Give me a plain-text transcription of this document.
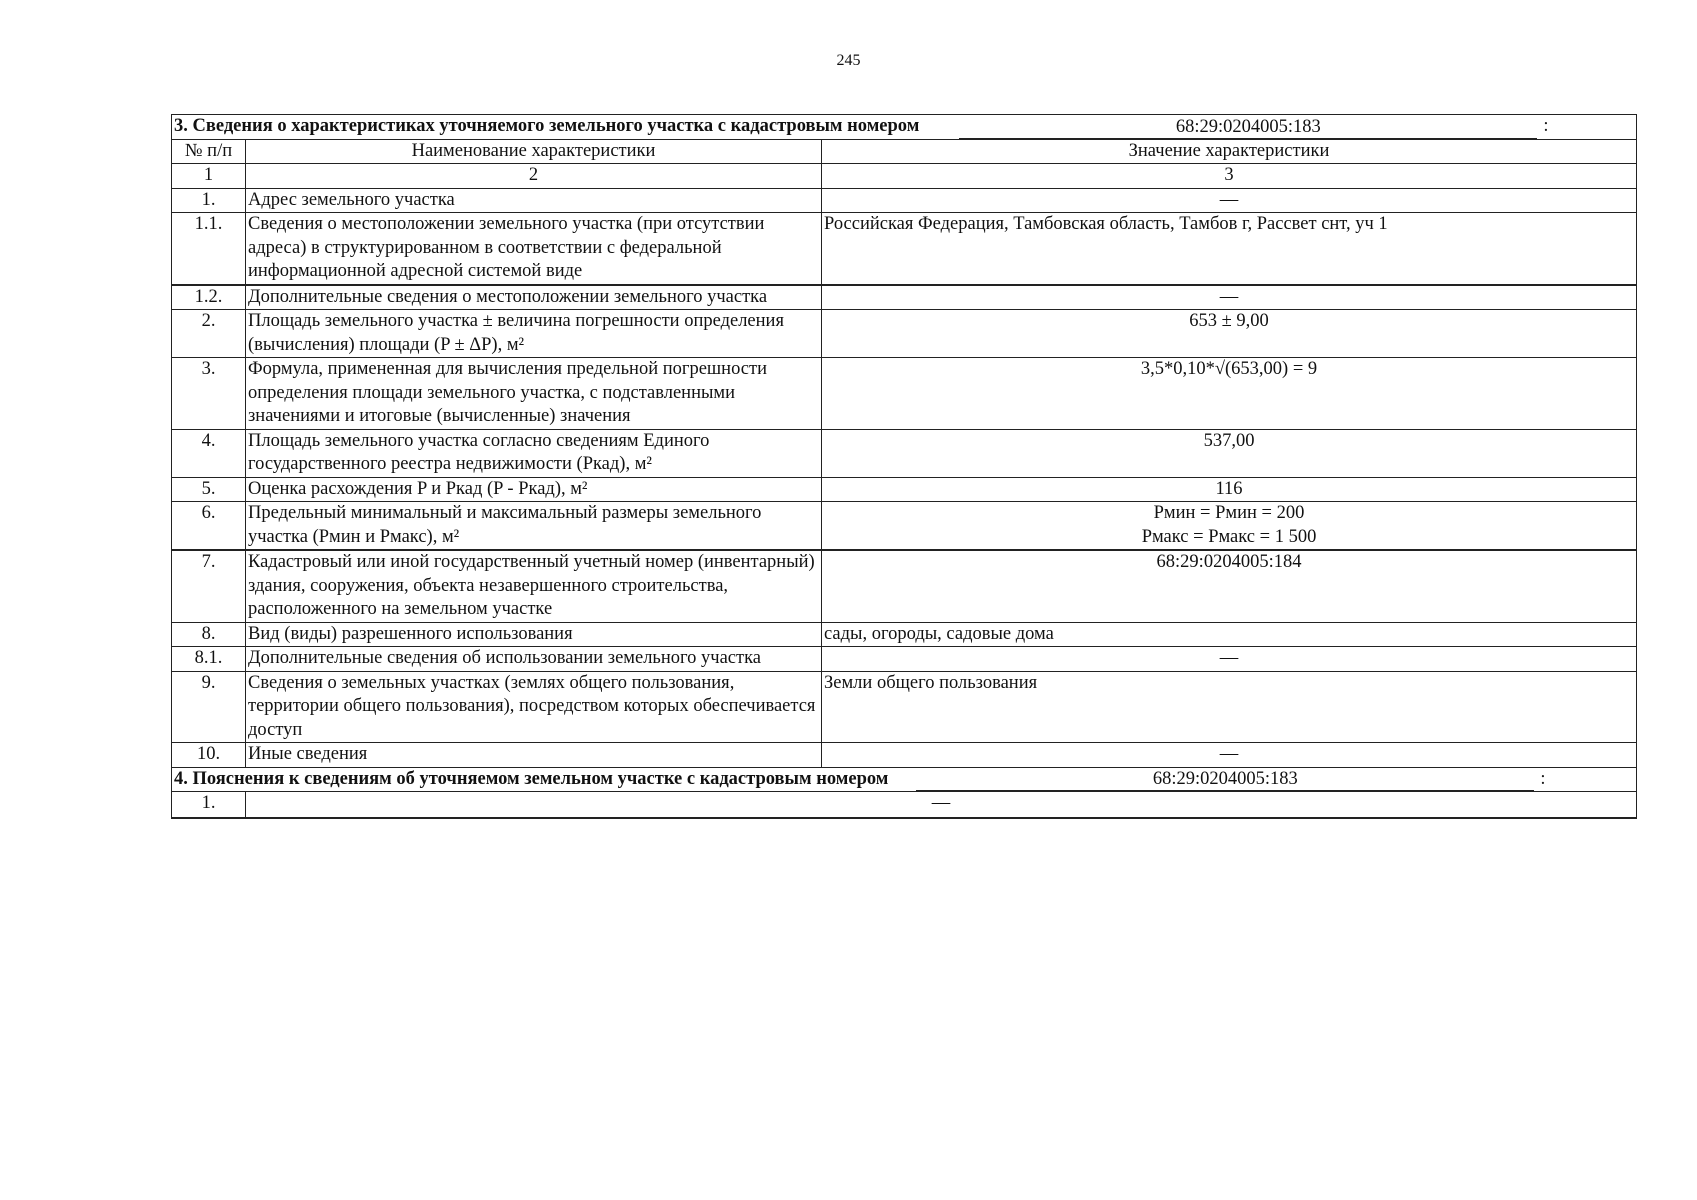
245
3. Сведения о характеристиках уточняемого земельного участка с кадастровым номером 68:29:0204005:183 :		

№ п/п	Наименование характеристики	Значение характеристики
1	2	3
1.	Адрес земельного участка	—
1.1.	Сведения о местоположении земельного участка (при отсутствии адреса) в структурированном в соответствии с федеральной информационной адресной системой виде	Российская Федерация, Тамбовская область, Тамбов г, Рассвет снт, уч 1
1.2.	Дополнительные сведения о местоположении земельного участка	—
2.	Площадь земельного участка ± величина погрешности определения (вычисления) площади (P ± ΔP), м²	653 ± 9,00
3.	Формула, примененная для вычисления предельной погрешности определения площади земельного участка, с подставленными значениями и итоговые (вычисленные) значения	3,5*0,10*√(653,00) = 9
4.	Площадь земельного участка согласно сведениям Единого государственного реестра недвижимости (Pкад), м²	537,00
5.	Оценка расхождения P и Pкад (P - Pкад), м²	116
6.	Предельный минимальный и максимальный размеры земельного участка (Pмин и Pмакс), м²	Pмин = Pмин = 200
Pмакс = Pмакс = 1 500

7.	Кадастровый или иной государственный учетный номер (инвентарный) здания, сооружения, объекта незавершенного строительства, расположенного на земельном участке	68:29:0204005:184
8.	Вид (виды) разрешенного использования	сады, огороды, садовые дома
8.1.	Дополнительные сведения об использовании земельного участка	—
9.	Сведения о земельных участках (землях общего пользования, территории общего пользования), посредством которых обеспечивается доступ	Земли общего пользования
10.	Иные сведения	—

4. Пояснения к сведениям об уточняемом земельном участке с кадастровым номером 68:29:0204005:183 :		

1.	—	
